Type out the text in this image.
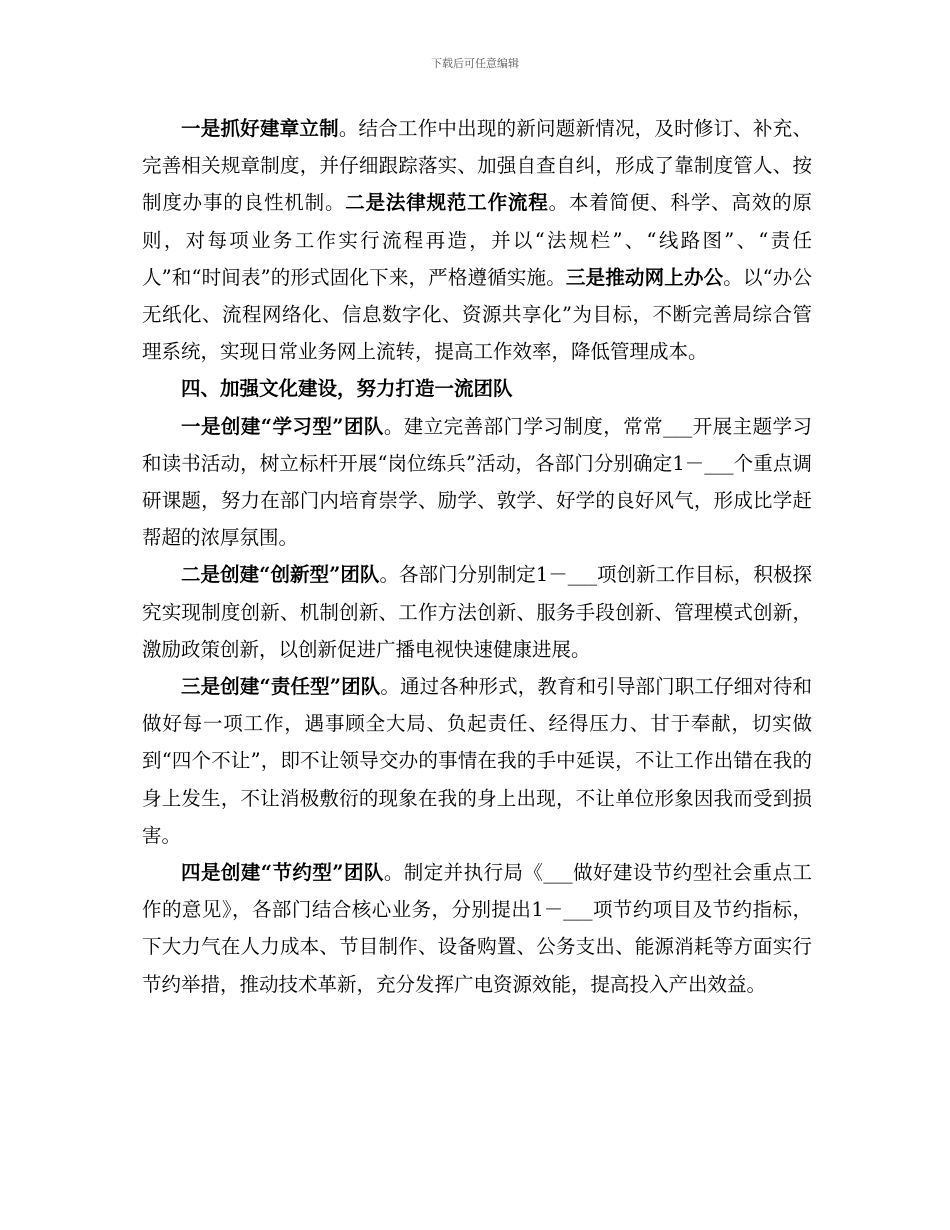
下载后可任意编辑

一是抓好建章立制。结合工作中出现的新问题新情况，及时修订、补充、完善相关规章制度，并仔细跟踪落实、加强自查自纠，形成了靠制度管人、按制度办事的良性机制。二是法律规范工作流程。本着简便、科学、高效的原则，对每项业务工作实行流程再造，并以“法规栏”、“线路图”、“责任人”和“时间表”的形式固化下来，严格遵循实施。三是推动网上办公。以“办公无纸化、流程网络化、信息数字化、资源共享化”为目标，不断完善局综合管理系统，实现日常业务网上流转，提高工作效率，降低管理成本。

四、加强文化建设，努力打造一流团队

一是创建“学习型”团队。建立完善部门学习制度，常常___开展主题学习和读书活动，树立标杆开展“岗位练兵”活动，各部门分别确定1－___个重点调研课题，努力在部门内培育崇学、励学、敦学、好学的良好风气，形成比学赶帮超的浓厚氛围。

二是创建“创新型”团队。各部门分别制定1－___项创新工作目标，积极探究实现制度创新、机制创新、工作方法创新、服务手段创新、管理模式创新，激励政策创新，以创新促进广播电视快速健康进展。

三是创建“责任型”团队。通过各种形式，教育和引导部门职工仔细对待和做好每一项工作，遇事顾全大局、负起责任、经得压力、甘于奉献，切实做到“四个不让”，即不让领导交办的事情在我的手中延误，不让工作出错在我的身上发生，不让消极敷衍的现象在我的身上出现，不让单位形象因我而受到损害。

四是创建“节约型”团队。制定并执行局《___做好建设节约型社会重点工作的意见》，各部门结合核心业务，分别提出1－___项节约项目及节约指标，下大力气在人力成本、节目制作、设备购置、公务支出、能源消耗等方面实行节约举措，推动技术革新，充分发挥广电资源效能，提高投入产出效益。
